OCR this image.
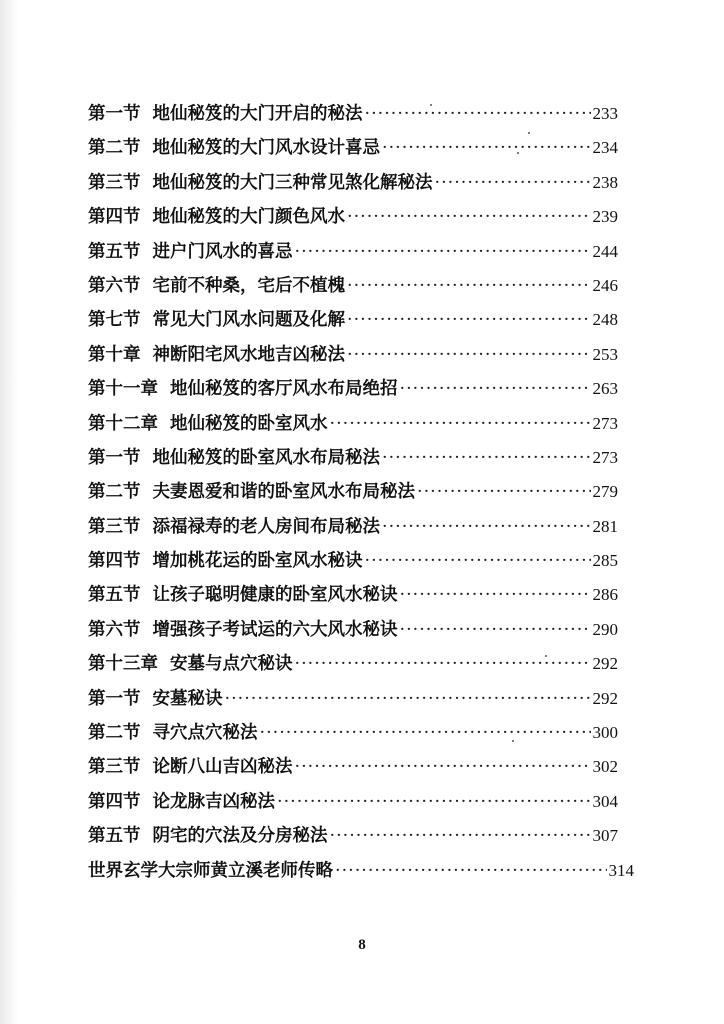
第一节 地仙秘笈的大门开启的秘法 ·····	233
第二节 地仙秘笈的大门风水设计喜忌 ·····	234
第三节 地仙秘笈的大门三种常见煞化解秘法 ·····	238
第四节 地仙秘笈的大门颜色风水 ·····	239
第五节 进户门风水的喜忌 ·····	244
第六节 宅前不种桑，宅后不植槐 ·····	246
第七节 常见大门风水问题及化解 ·····	248
第十章 神断阳宅风水地吉凶秘法 ·····	253
第十一章 地仙秘笈的客厅风水布局绝招 ·····	263
第十二章 地仙秘笈的卧室风水 ·····	273
第一节 地仙秘笈的卧室风水布局秘法 ·····	273
第二节 夫妻恩爱和谐的卧室风水布局秘法 ·····	279
第三节 添福禄寿的老人房间布局秘法 ·····	281
第四节 增加桃花运的卧室风水秘诀 ·····	285
第五节 让孩子聪明健康的卧室风水秘诀 ·····	286
第六节 增强孩子考试运的六大风水秘诀 ·····	290
第十三章 安墓与点穴秘诀 ·····	292
第一节 安墓秘诀 ·····	292
第二节 寻穴点穴秘法 ·····	300
第三节 论断八山吉凶秘法 ·····	302
第四节 论龙脉吉凶秘法 ·····	304
第五节 阴宅的穴法及分房秘法 ·····	307
世界玄学大宗师黄立溪老师传略 ·····	314
8
